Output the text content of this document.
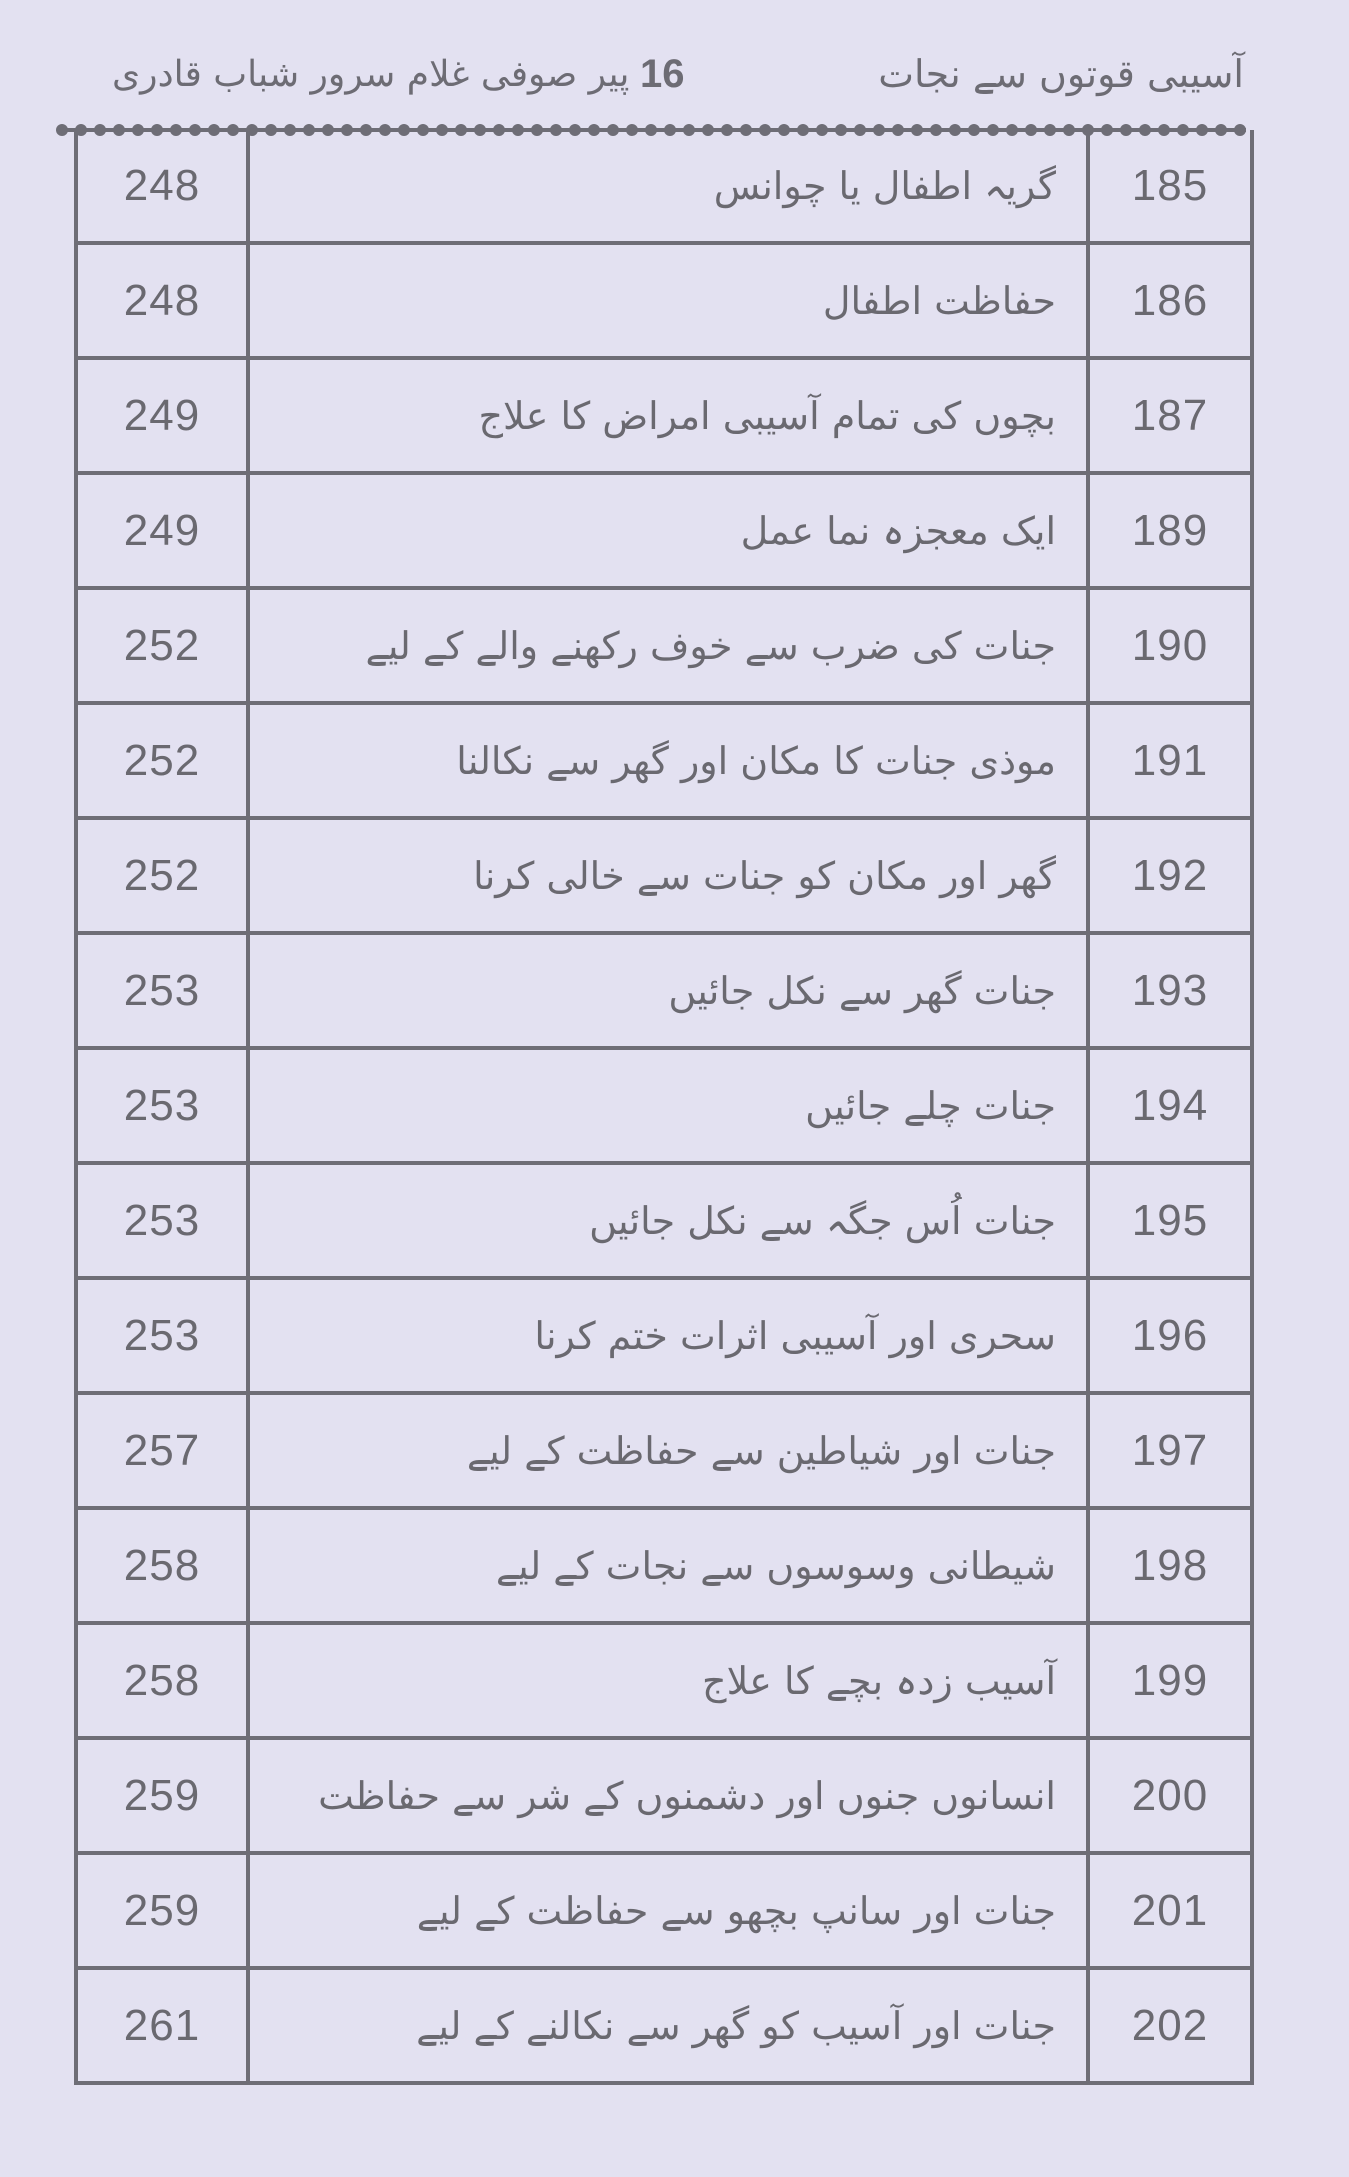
آسیبی قوتوں سے نجات
16
پیر صوفی غلام سرور شباب قادری
248	گریہ اطفال یا چوانس	185
248	حفاظت اطفال	186
249	بچوں کی تمام آسیبی امراض کا علاج	187
249	ایک معجزہ نما عمل	189
252	جنات کی ضرب سے خوف رکھنے والے کے لیے	190
252	موذی جنات کا مکان اور گھر سے نکالنا	191
252	گھر اور مکان کو جنات سے خالی کرنا	192
253	جنات گھر سے نکل جائیں	193
253	جنات چلے جائیں	194
253	جنات اُس جگہ سے نکل جائیں	195
253	سحری اور آسیبی اثرات ختم کرنا	196
257	جنات اور شیاطین سے حفاظت کے لیے	197
258	شیطانی وسوسوں سے نجات کے لیے	198
258	آسیب زدہ بچے کا علاج	199
259	انسانوں جنوں اور دشمنوں کے شر سے حفاظت	200
259	جنات اور سانپ بچھو سے حفاظت کے لیے	201
261	جنات اور آسیب کو گھر سے نکالنے کے لیے	202
